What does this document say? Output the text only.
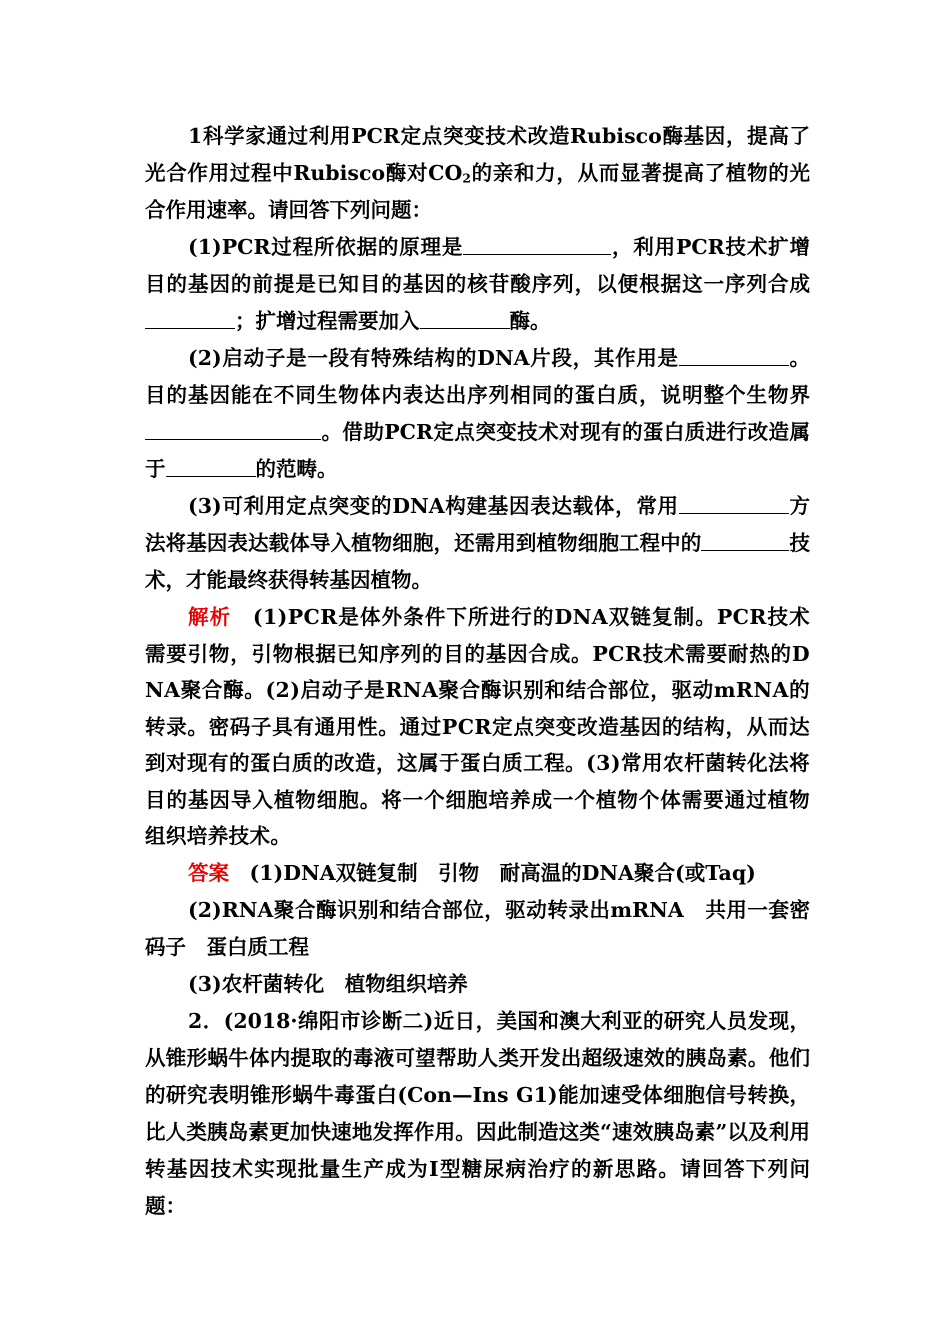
1科学家通过利用PCR定点突变技术改造Rubisco酶基因，提高了光合作用过程中Rubisco酶对$CO_2$的亲和力，从而显著提高了植物的光合作用速率。请回答下列问题：

(1)PCR过程所依据的原理是	，利用PCR技术扩增目的基因的前提是已知目的基因的核苷酸序列，以便根据这一序列合成；扩增过程需要加入	酶。

(2)启动子是一段有特殊结构的DNA片段，其作用是	。目的基因能在不同生物体内表达出序列相同的蛋白质，说明整个生物界。借助PCR定点突变技术对现有的蛋白质进行改造属于	的范畴。

(3)可利用定点突变的DNA构建基因表达载体，常用	方法将基因表达载体导入植物细胞，还需用到植物细胞工程中的	技术，才能最终获得转基因植物。

解析　 (1)PCR是体外条件下所进行的DNA双链复制。PCR技术需要引物，引物根据已知序列的目的基因合成。PCR技术需要耐热的DNA聚合酶。(2)启动子是RNA聚合酶识别和结合部位，驱动mRNA的转录。密码子具有通用性。通过PCR定点突变改造基因的结构，从而达到对现有的蛋白质的改造，这属于蛋白质工程。(3)常用农杆菌转化法将目的基因导入植物细胞。将一个细胞培养成一个植物个体需要通过植物组织培养技术。

答案　 (1)DNA双链复制　引物　耐高温的DNA聚合(或Taq)

(2)RNA聚合酶识别和结合部位，驱动转录出mRNA　共用一套密码子　蛋白质工程

(3)农杆菌转化　植物组织培养

2．(2018·绵阳市诊断二)近日，美国和澳大利亚的研究人员发现，从锥形蜗牛体内提取的毒液可望帮助人类开发出超级速效的胰岛素。他们的研究表明锥形蜗牛毒蛋白(Con—Ins G1)能加速受体细胞信号转换，比人类胰岛素更加快速地发挥作用。因此制造这类“速效胰岛素”以及利用转基因技术实现批量生产成为Ⅰ型糖尿病治疗的新思路。请回答下列问题：
